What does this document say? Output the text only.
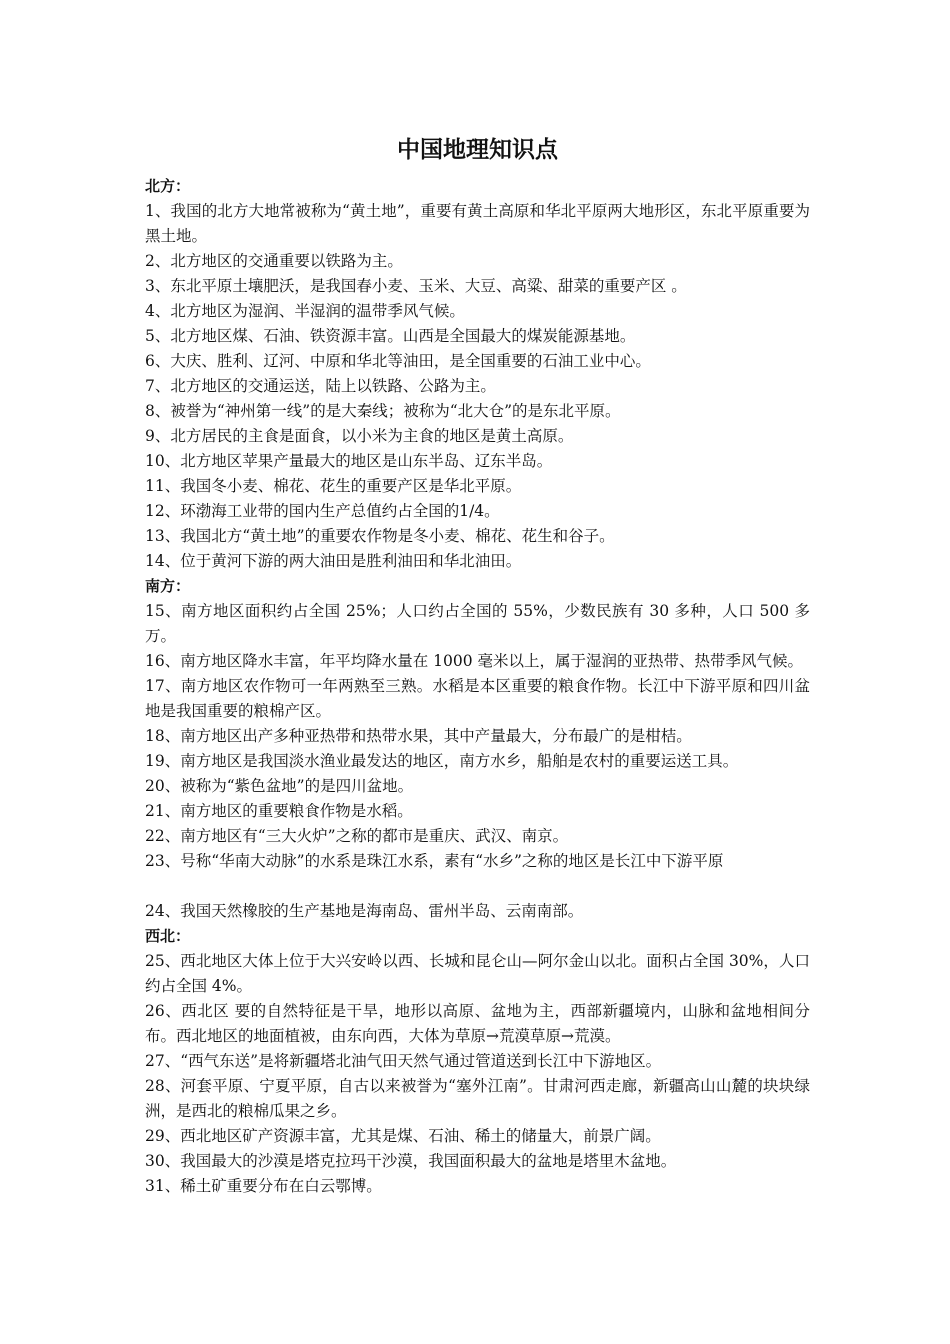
中国地理知识点
北方：

1、我国的北方大地常被称为“黄土地”，重要有黄土高原和华北平原两大地形区，东北平原重要为黑土地。

2、北方地区的交通重要以铁路为主。

3、东北平原土壤肥沃，是我国春小麦、玉米、大豆、高粱、甜菜的重要产区 。

4、北方地区为湿润、半湿润的温带季风气候。

5、北方地区煤、石油、铁资源丰富。山西是全国最大的煤炭能源基地。

6、大庆、胜利、辽河、中原和华北等油田，是全国重要的石油工业中心。

7、北方地区的交通运送，陆上以铁路、公路为主。

8、被誉为“神州第一线”的是大秦线；被称为“北大仓”的是东北平原。

9、北方居民的主食是面食，以小米为主食的地区是黄土高原。

10、北方地区苹果产量最大的地区是山东半岛、辽东半岛。

11、我国冬小麦、棉花、花生的重要产区是华北平原。

12、环渤海工业带的国内生产总值约占全国的1/4。

13、我国北方“黄土地”的重要农作物是冬小麦、棉花、花生和谷子。

14、位于黄河下游的两大油田是胜利油田和华北油田。

南方：

15、南方地区面积约占全国 25%；人口约占全国的 55%，少数民族有 30 多种，人口 500 多万。

16、南方地区降水丰富，年平均降水量在 1000 毫米以上，属于湿润的亚热带、热带季风气候。

17、南方地区农作物可一年两熟至三熟。水稻是本区重要的粮食作物。长江中下游平原和四川盆地是我国重要的粮棉产区。

18、南方地区出产多种亚热带和热带水果，其中产量最大，分布最广的是柑桔。

19、南方地区是我国淡水渔业最发达的地区，南方水乡，船舶是农村的重要运送工具。

20、被称为“紫色盆地”的是四川盆地。

21、南方地区的重要粮食作物是水稻。

22、南方地区有“三大火炉”之称的都市是重庆、武汉、南京。

23、号称“华南大动脉”的水系是珠江水系，素有“水乡”之称的地区是长江中下游平原

24、我国天然橡胶的生产基地是海南岛、雷州半岛、云南南部。

西北：

25、西北地区大体上位于大兴安岭以西、长城和昆仑山—阿尔金山以北。面积占全国 30%，人口约占全国 4%。

26、西北区 要的自然特征是干旱，地形以高原、盆地为主，西部新疆境内，山脉和盆地相间分布。西北地区的地面植被，由东向西，大体为草原→荒漠草原→荒漠。

27、“西气东送”是将新疆塔北油气田天然气通过管道送到长江中下游地区。

28、河套平原、宁夏平原，自古以来被誉为“塞外江南”。甘肃河西走廊，新疆高山山麓的块块绿洲，是西北的粮棉瓜果之乡。

29、西北地区矿产资源丰富，尤其是煤、石油、稀土的储量大，前景广阔。

30、我国最大的沙漠是塔克拉玛干沙漠，我国面积最大的盆地是塔里木盆地。

31、稀土矿重要分布在白云鄂博。
